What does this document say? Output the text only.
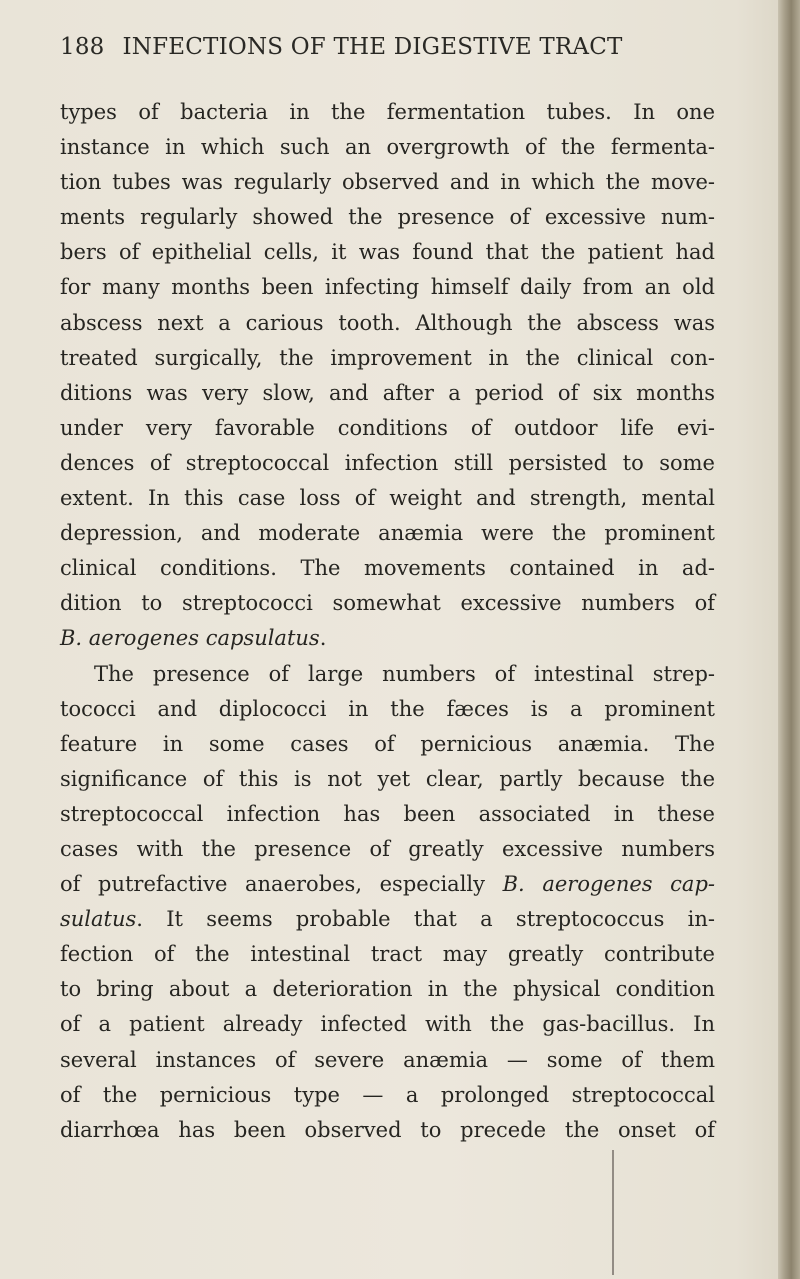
188 INFECTIONS OF THE DIGESTIVE TRACT
types of bacteria in the fermentation tubes. In one
instance in which such an overgrowth of the fermenta-
tion tubes was regularly observed and in which the move-
ments regularly showed the presence of excessive num-
bers of epithelial cells, it was found that the patient had
for many months been infecting himself daily from an old
abscess next a carious tooth. Although the abscess was
treated surgically, the improvement in the clinical con-
ditions was very slow, and after a period of six months
under very favorable conditions of outdoor life evi-
dences of streptococcal infection still persisted to some
extent. In this case loss of weight and strength, mental
depression, and moderate anæmia were the prominent
clinical conditions. The movements contained in ad-
dition to streptococci somewhat excessive numbers of
B. aerogenes capsulatus.
The presence of large numbers of intestinal strep-
tococci and diplococci in the fæces is a prominent
feature in some cases of pernicious anæmia. The
significance of this is not yet clear, partly because the
streptococcal infection has been associated in these
cases with the presence of greatly excessive numbers
of putrefactive anaerobes, especially B. aerogenes cap-
sulatus. It seems probable that a streptococcus in-
fection of the intestinal tract may greatly contribute
to bring about a deterioration in the physical condition
of a patient already infected with the gas-bacillus. In
several instances of severe anæmia — some of them
of the pernicious type — a prolonged streptococcal
diarrhœa has been observed to precede the onset of
